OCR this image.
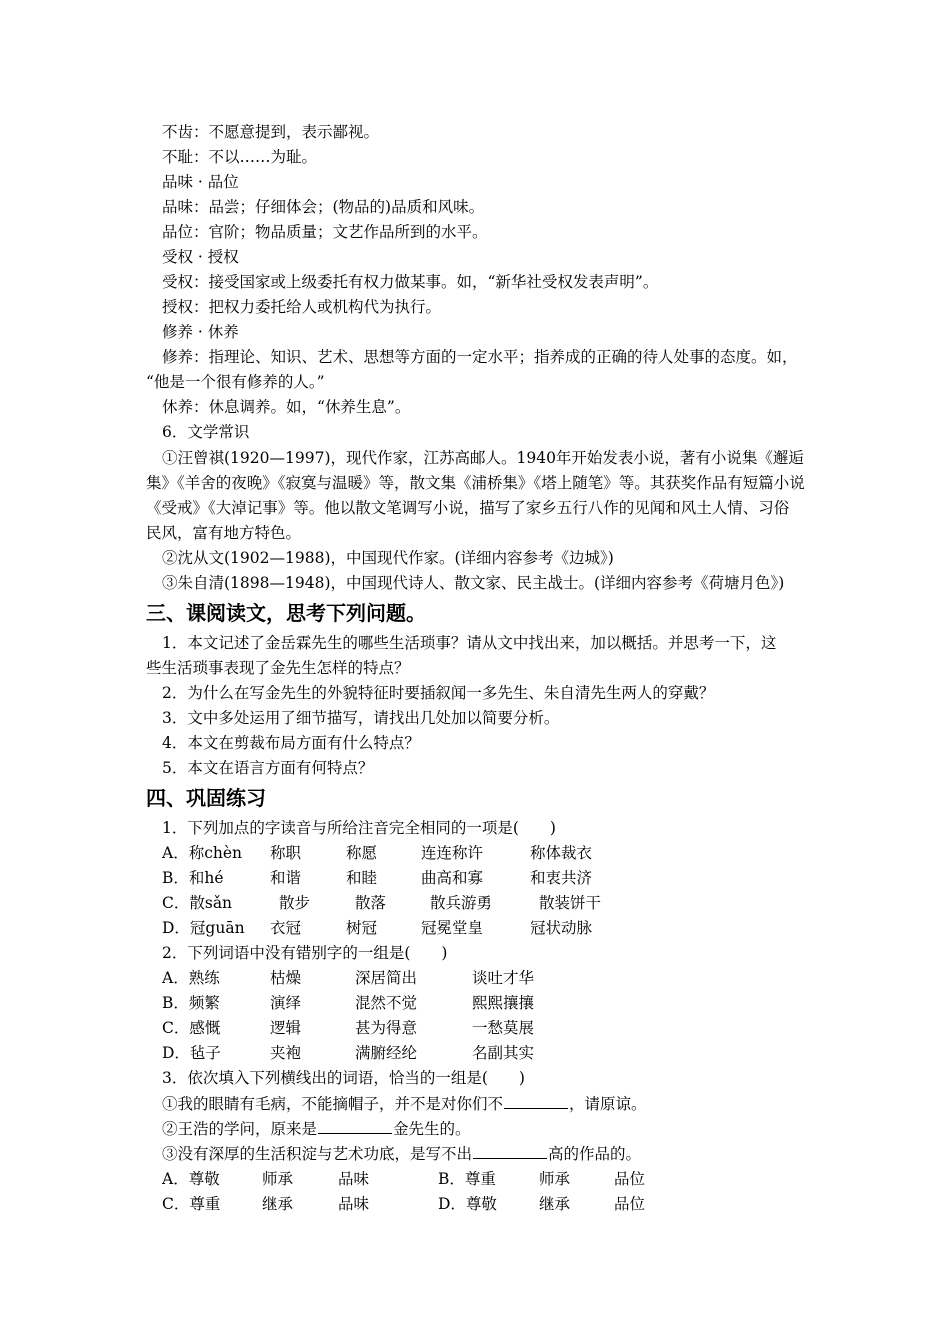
不齿：不愿意提到，表示鄙视。
不耻：不以……为耻。
品味 · 品位
品味：品尝；仔细体会；(物品的)品质和风味。
品位：官阶；物品质量；文艺作品所到的水平。
受权 · 授权
受权：接受国家或上级委托有权力做某事。如，“新华社受权发表声明”。
授权：把权力委托给人或机构代为执行。
修养 · 休养
修养：指理论、知识、艺术、思想等方面的一定水平；指养成的正确的待人处事的态度。如，
“他是一个很有修养的人。”
休养：休息调养。如，“休养生息”。
6．文学常识
①汪曾祺(1920—1997)，现代作家，江苏高邮人。1940年开始发表小说，著有小说集《邂逅
集》《羊舍的夜晚》《寂寞与温暖》等，散文集《浦桥集》《塔上随笔》等。其获奖作品有短篇小说
《受戒》《大淖记事》等。他以散文笔调写小说，描写了家乡五行八作的见闻和风土人情、习俗
民风，富有地方特色。
②沈从文(1902—1988)，中国现代作家。(详细内容参考《边城》)
③朱自清(1898—1948)，中国现代诗人、散文家、民主战士。(详细内容参考《荷塘月色》)
三、课阅读文，思考下列问题。
1．本文记述了金岳霖先生的哪些生活琐事？请从文中找出来，加以概括。并思考一下，这
些生活琐事表现了金先生怎样的特点？
2．为什么在写金先生的外貌特征时要插叙闻一多先生、朱自清先生两人的穿戴？
3．文中多处运用了细节描写，请找出几处加以简要分析。
4．本文在剪裁布局方面有什么特点？
5．本文在语言方面有何特点？
四、巩固练习
1．下列加点的字读音与所给注音完全相同的一项是(　　)
A．称chèn 称职	称愿	连连称许	称体裁衣
B．和hé	和谐	和睦	曲高和寡	和衷共济
C．散sǎn	散步	散落	散兵游勇	散装饼干
D．冠guān 衣冠	树冠	冠冕堂皇	冠状动脉
2．下列词语中没有错别字的一组是(　　)
A．熟练	枯燥	深居简出	谈吐才华
B．频繁	演绎	混然不觉	熙熙攘攘
C．感慨	逻辑	甚为得意	一愁莫展
D．毡子	夹袍	满腑经纶	名副其实
3．依次填入下列横线出的词语，恰当的一组是(　　)
①我的眼睛有毛病，不能摘帽子，并不是对你们不	，请原谅。
②王浩的学问，原来是	金先生的。
③没有深厚的生活积淀与艺术功底，是写不出	高的作品的。
A．尊敬	师承	品味	B．尊重	师承	品位
C．尊重	继承	品味	D．尊敬	继承	品位
